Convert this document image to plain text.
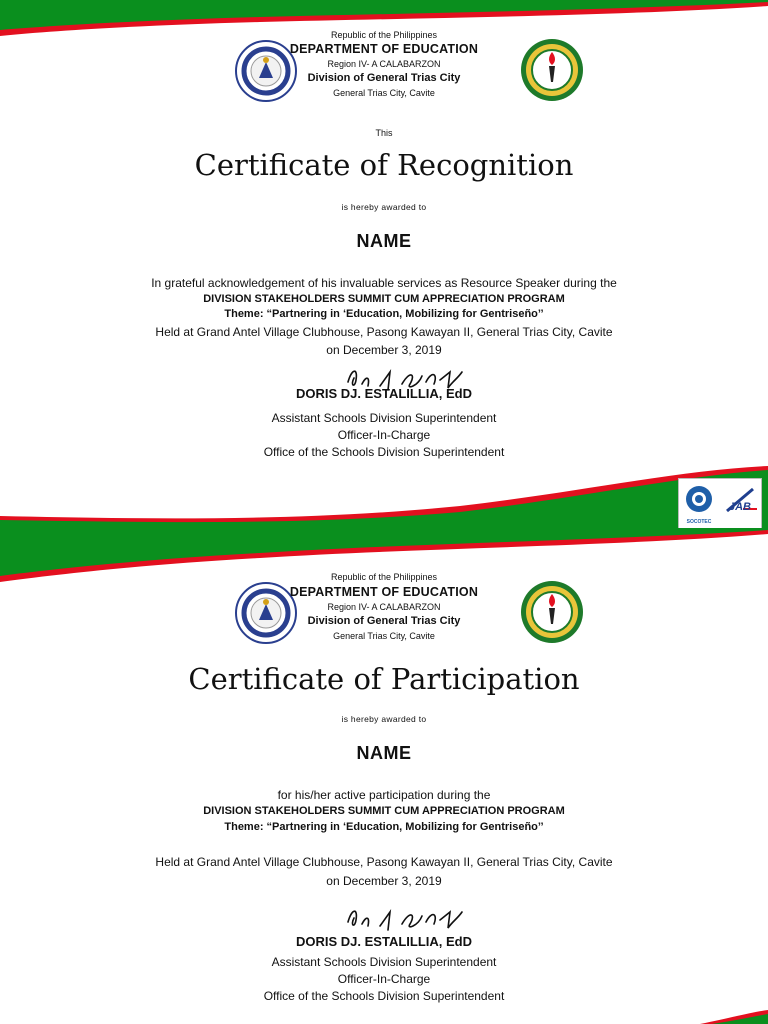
Republic of the Philippines
DEPARTMENT OF EDUCATION
Region IV- A CALABARZON
Division of General Trias City
General Trias City, Cavite
This
Certificate of Recognition
is hereby awarded to
NAME
In grateful acknowledgement of his invaluable services as Resource Speaker during the
DIVISION STAKEHOLDERS SUMMIT CUM APPRECIATION PROGRAM
Theme: “Partnering in ‘Education, Mobilizing for Gentriseño’’
Held at Grand Antel Village Clubhouse, Pasong Kawayan II, General Trias City, Cavite
on December 3, 2019
DORIS DJ. ESTALILLIA, EdD
Assistant Schools Division Superintendent
Officer-In-Charge
Office of the Schools Division Superintendent
SOCOTEC
JAB
Republic of the Philippines
DEPARTMENT OF EDUCATION
Region IV- A CALABARZON
Division of General Trias City
General Trias City, Cavite
Certificate of Participation
is hereby awarded to
NAME
for his/her active participation during the
DIVISION STAKEHOLDERS SUMMIT CUM APPRECIATION PROGRAM
Theme: “Partnering in ‘Education, Mobilizing for Gentriseño’’
Held at Grand Antel Village Clubhouse, Pasong Kawayan II, General Trias City, Cavite
on December 3, 2019
DORIS DJ. ESTALILLIA, EdD
Assistant Schools Division Superintendent
Officer-In-Charge
Office of the Schools Division Superintendent
